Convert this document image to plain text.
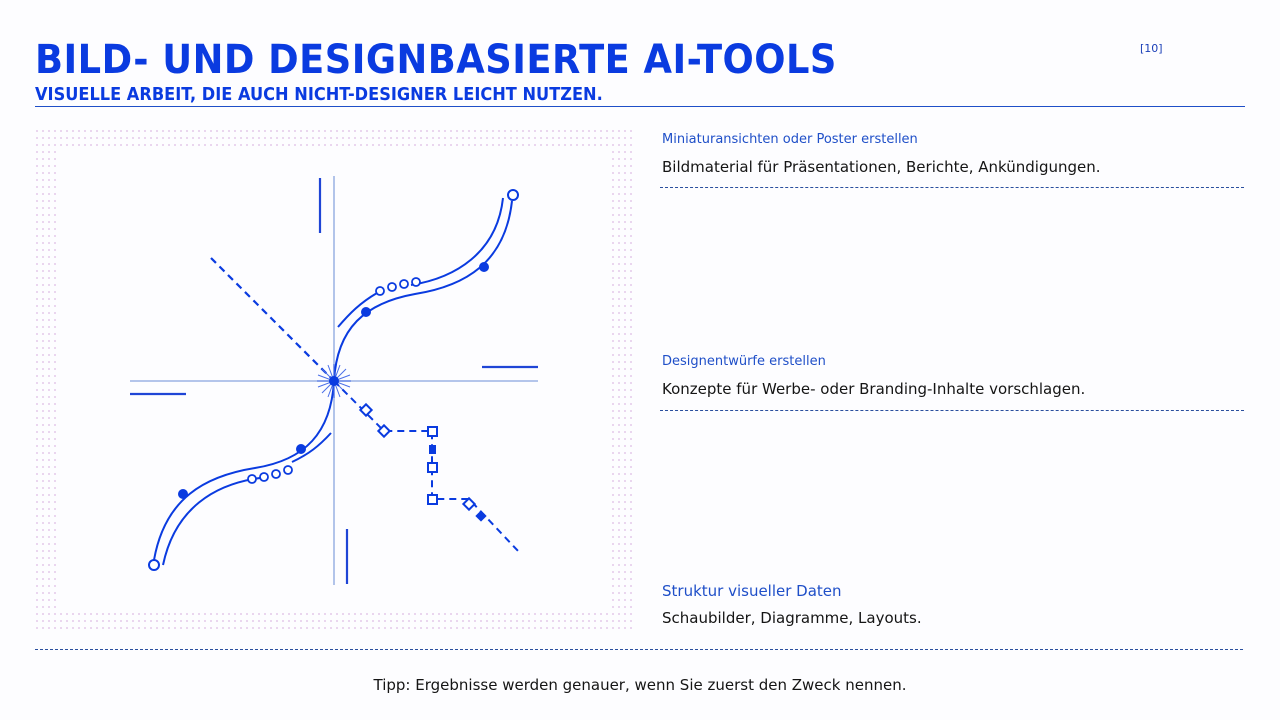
BILD- UND DESIGNBASIERTE AI-TOOLS
VISUELLE ARBEIT, DIE AUCH NICHT-DESIGNER LEICHT NUTZEN.
[10]
Miniaturansichten oder Poster erstellen
Bildmaterial für Präsentationen, Berichte, Ankündigungen.
Designentwürfe erstellen
Konzepte für Werbe- oder Branding-Inhalte vorschlagen.
Struktur visueller Daten
Schaubilder, Diagramme, Layouts.
Tipp: Ergebnisse werden genauer, wenn Sie zuerst den Zweck nennen.
